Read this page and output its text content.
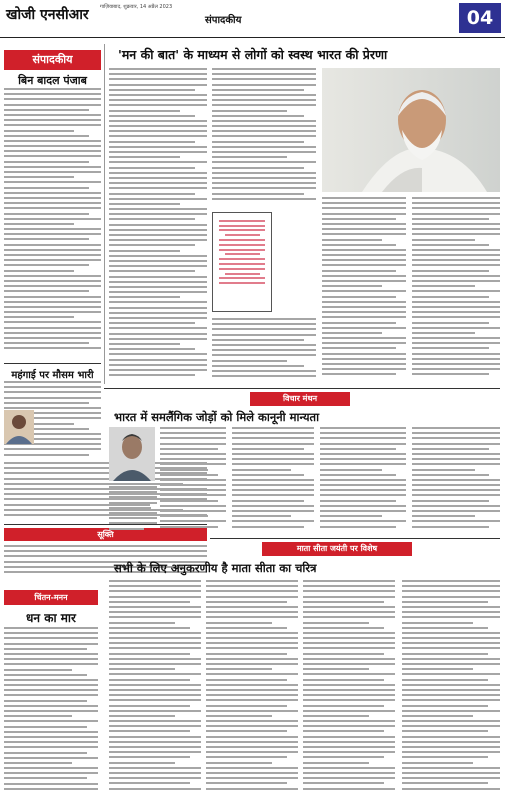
खोजी एनसीआर गाज़ियाबाद, शुक्रवार, 14 अप्रैल 2023
संपादकीय	04
संपादकीय
बिन बादल पंजाब
महंगाई पर मौसम भारी
सूक्ति
चिंतन-मनन
धन का मार
'मन की बात' के माध्यम से लोगों को स्वस्थ भारत की प्रेरणा
विचार मंथन
भारत में समलैंगिक जोड़ों को मिले कानूनी मान्यता
माता सीता जयंती पर विशेष
सभी के लिए अनुकरणीय है माता सीता का चरित्र
